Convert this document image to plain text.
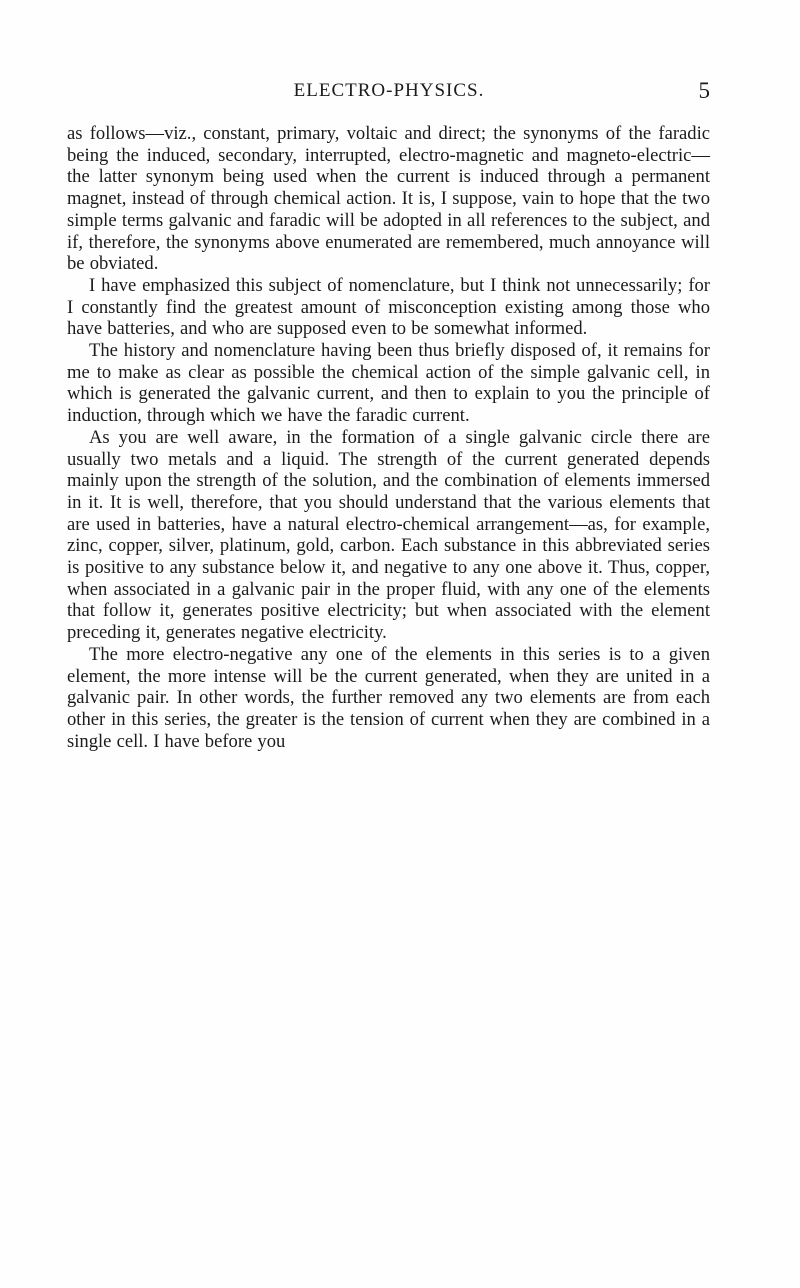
ELECTRO-PHYSICS.	5

as follows—viz., constant, primary, voltaic and direct; the synonyms of the faradic being the induced, secondary, interrupted, electro-magnetic and magneto-electric—the latter synonym being used when the current is induced through a permanent magnet, instead of through chemical action. It is, I suppose, vain to hope that the two simple terms galvanic and faradic will be adopted in all references to the subject, and if, therefore, the synonyms above enumerated are remembered, much annoyance will be obviated.

I have emphasized this subject of nomenclature, but I think not unnecessarily; for I constantly find the greatest amount of misconception existing among those who have batteries, and who are supposed even to be somewhat informed.

The history and nomenclature having been thus briefly disposed of, it remains for me to make as clear as possible the chemical action of the simple galvanic cell, in which is generated the galvanic current, and then to explain to you the principle of induction, through which we have the faradic current.

As you are well aware, in the formation of a single galvanic circle there are usually two metals and a liquid. The strength of the current generated depends mainly upon the strength of the solution, and the combination of elements immersed in it. It is well, therefore, that you should understand that the various elements that are used in batteries, have a natural electro-chemical arrangement—as, for example, zinc, copper, silver, platinum, gold, carbon. Each substance in this abbreviated series is positive to any substance below it, and negative to any one above it. Thus, copper, when associated in a galvanic pair in the proper fluid, with any one of the elements that follow it, generates positive electricity; but when associated with the element preceding it, generates negative electricity.

The more electro-negative any one of the elements in this series is to a given element, the more intense will be the current generated, when they are united in a galvanic pair. In other words, the further removed any two elements are from each other in this series, the greater is the tension of current when they are combined in a single cell. I have before you
